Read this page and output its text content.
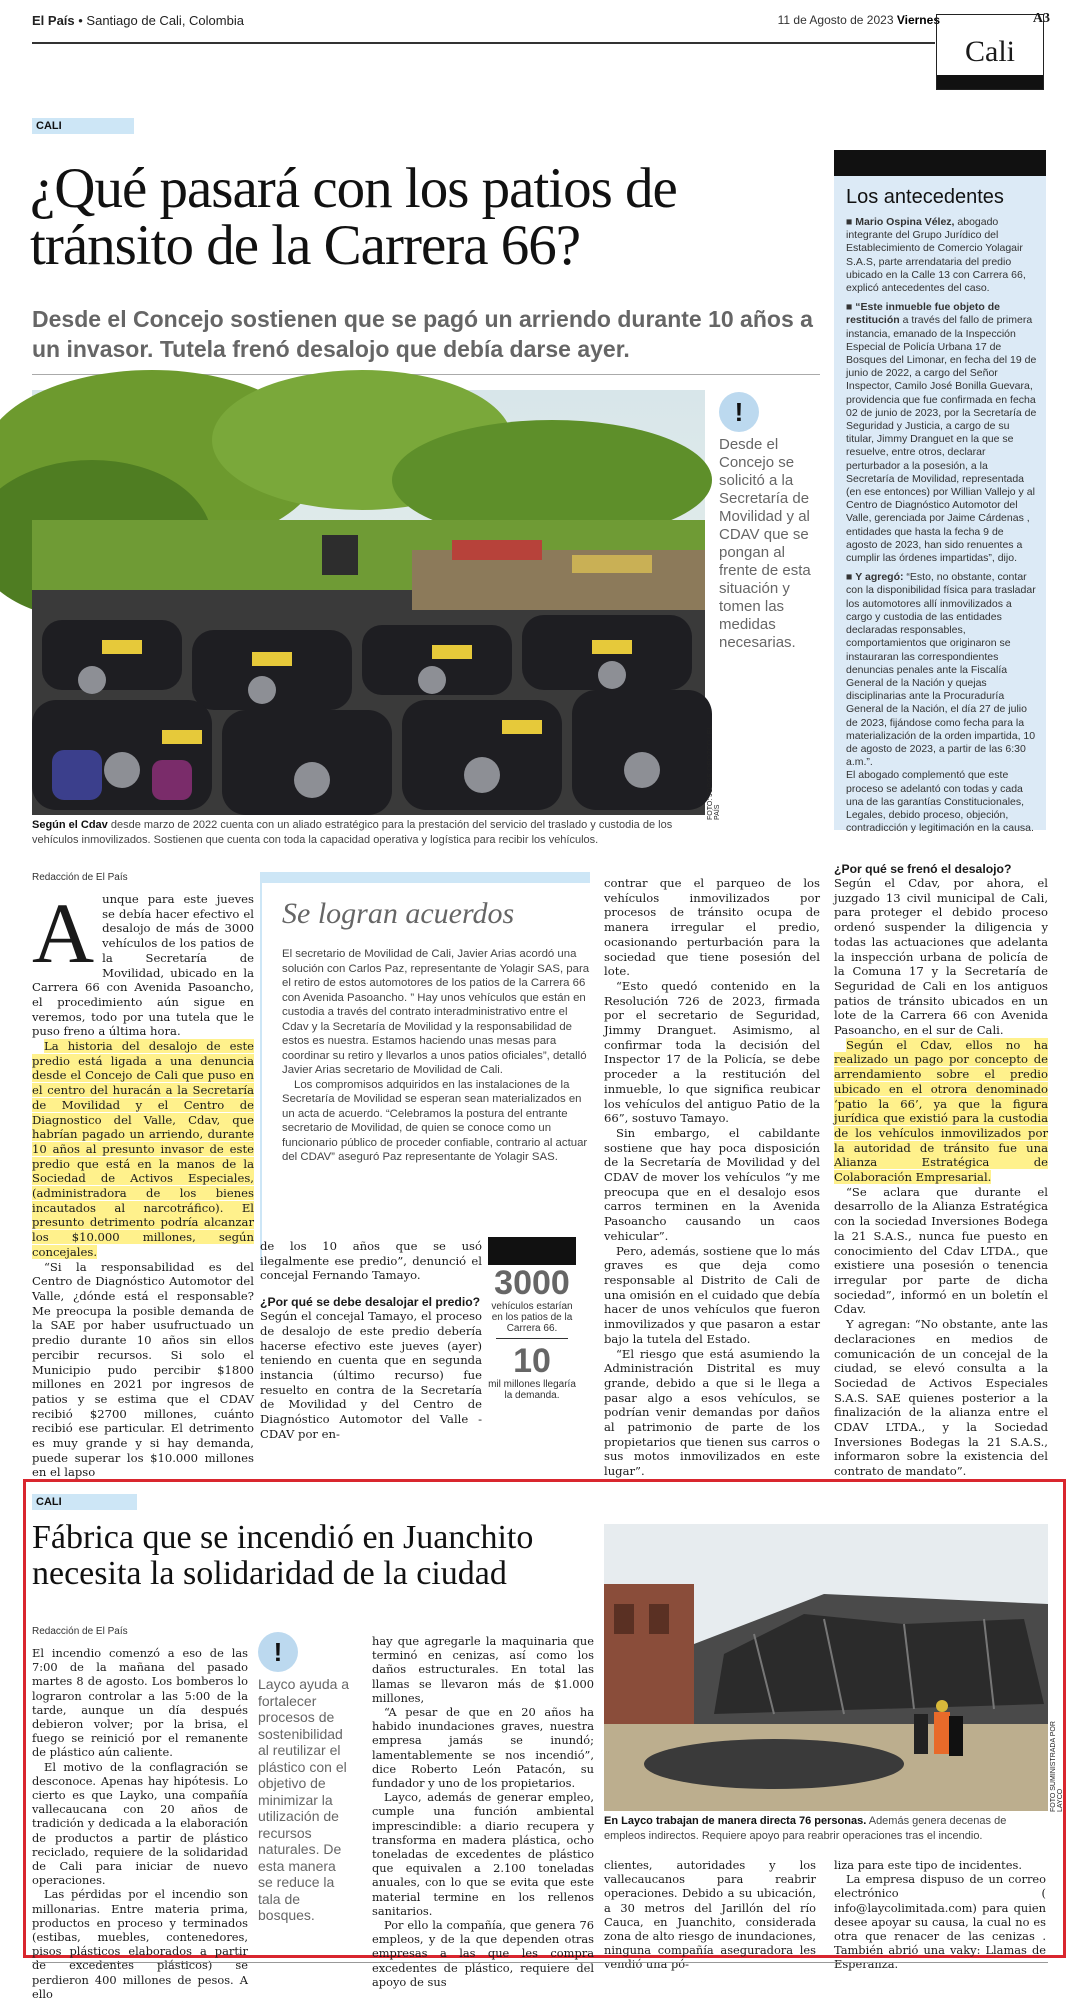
El País • Santiago de Cali, Colombia	11 de Agosto de 2023 Viernes	A3
Cali
CALI
¿Qué pasará con los patios de tránsito de la Carrera 66?
Desde el Concejo sostienen que se pagó un arriendo durante 10 años a un invasor. Tutela frenó desalojo que debía darse ayer.
FOTO: JORGE OROZCO / EL PAÍS
!
Desde el Concejo se solicitó a la Secretaría de Movilidad y al CDAV que se pongan al frente de esta situación y tomen las medidas necesarias.
Según el Cdav desde marzo de 2022 cuenta con un aliado estratégico para la prestación del servicio del traslado y custodia de los vehículos inmovilizados. Sostienen que cuenta con toda la capacidad operativa y logística para recibir los vehículos.
Los antecedentes

■ Mario Ospina Vélez, abogado integrante del Grupo Jurídico del Establecimiento de Comercio Yolagair S.A.S, parte arrendataria del predio ubicado en la Calle 13 con Carrera 66, explicó antecedentes del caso.

■ “Este inmueble fue objeto de restitución a través del fallo de primera instancia, emanado de la Inspección Especial de Policía Urbana 17 de Bosques del Limonar, en fecha del 19 de junio de 2022, a cargo del Señor Inspector, Camilo José Bonilla Guevara, providencia que fue confirmada en fecha 02 de junio de 2023, por la Secretaría de Seguridad y Justicia, a cargo de su titular, Jimmy Dranguet en la que se resuelve, entre otros, declarar perturbador a la posesión, a la Secretaría de Movilidad, representada (en ese entonces) por Willian Vallejo y al Centro de Diagnóstico Automotor del Valle, gerenciada por Jaime Cárdenas , entidades que hasta la fecha 9 de agosto de 2023, han sido renuentes a cumplir las órdenes impartidas”, dijo.

■ Y agregó: “Esto, no obstante, contar con la disponibilidad física para trasladar los automotores allí inmovilizados a cargo y custodia de las entidades declaradas responsables, comportamientos que originaron se instauraran las correspondientes denuncias penales ante la Fiscalía General de la Nación y quejas disciplinarias ante la Procuraduría General de la Nación, el día 27 de julio de 2023, fijándose como fecha para la materialización de la orden impartida, 10 de agosto de 2023, a partir de las 6:30 a.m.”.

El abogado complementó que este proceso se adelantó con todas y cada una de las garantías Constitucionales, Legales, debido proceso, objeción, contradicción y legitimación en la causa.

Redacción de El País
A unque para este jueves se debía hacer efectivo el desalojo de más de 3000 vehículos de los patios de la Secretaría de Movilidad, ubicado en la Carrera 66 con Avenida Pasoancho, el procedimiento aún sigue en veremos, todo por una tutela que le puso freno a última hora.

La historia del desalojo de este predio está ligada a una denuncia desde el Concejo de Cali que puso en el centro del huracán a la Secretaría de Movilidad y el Centro de Diagnostico del Valle, Cdav, que habrían pagado un arriendo, durante 10 años al presunto invasor de este predio que está en la manos de la Sociedad de Activos Especiales, (administradora de los bienes incautados al narcotráfico). El presunto detrimento podría alcanzar los $10.000 millones, según concejales.

“Si la responsabilidad es del Centro de Diagnóstico Automotor del Valle, ¿dónde está el responsable? Me preocupa la posible demanda de la SAE por haber usufructuado un predio durante 10 años sin ellos percibir recursos. Si solo el Municipio pudo percibir $1800 millones en 2021 por ingresos de patios y se estima que el CDAV recibió $2700 millones, cuánto recibió ese particular. El detrimento es muy grande y si hay demanda, puede superar los $10.000 millones en el lapso

Se logran acuerdos

El secretario de Movilidad de Cali, Javier Arias acordó una solución con Carlos Paz, representante de Yolagir SAS, para el retiro de estos automotores de los patios de la Carrera 66 con Avenida Pasoancho. ” Hay unos vehículos que están en custodia a través del contrato interadministrativo entre el Cdav y la Secretaría de Movilidad y la responsabilidad de estos es nuestra. Estamos haciendo unas mesas para coordinar su retiro y llevarlos a unos patios oficiales”, detalló Javier Arias secretario de Movilidad de Cali.

Los compromisos adquiridos en las instalaciones de la Secretaría de Movilidad se esperan sean materializados en un acta de acuerdo. “Celebramos la postura del entrante secretario de Movilidad, de quien se conoce como un funcionario público de proceder confiable, contrario al actuar del CDAV” aseguró Paz representante de Yolagir SAS.

de los 10 años que se usó ilegalmente ese predio”, denunció el concejal Fernando Tamayo.
¿Por qué se debe desalojar el predio?
Según el concejal Tamayo, el proceso de desalojo de este predio debería hacerse efectivo este jueves (ayer) teniendo en cuenta que en segunda instancia (último recurso) fue resuelto en contra de la Secretaría de Movilidad y del Centro de Diagnóstico Automotor del Valle - CDAV por en-
3000
vehículos estarían en los patios de la Carrera 66.
10
mil millones llegaría la demanda.
contrar que el parqueo de los vehículos inmovilizados por procesos de tránsito ocupa de manera irregular el predio, ocasionando perturbación para la sociedad que tiene posesión del lote.

“Esto quedó contenido en la Resolución 726 de 2023, firmada por el secretario de Seguridad, Jimmy Dranguet. Asimismo, al confirmar toda la decisión del Inspector 17 de la Policía, se debe proceder a la restitución del inmueble, lo que significa reubicar los vehículos del antiguo Patio de la 66”, sostuvo Tamayo.

Sin embargo, el cabildante sostiene que hay poca disposición de la Secretaría de Movilidad y del CDAV de mover los vehículos “y me preocupa que en el desalojo esos carros terminen en la Avenida Pasoancho causando un caos vehicular”.

Pero, además, sostiene que lo más graves es que deja como responsable al Distrito de Cali de una omisión en el cuidado que debía hacer de unos vehículos que fueron inmovilizados y que pasaron a estar bajo la tutela del Estado.

“El riesgo que está asumiendo la Administración Distrital es muy grande, debido a que si le llega a pasar algo a esos vehículos, se podrían venir demandas por daños al patrimonio de parte de los propietarios que tienen sus carros o sus motos inmovilizados en este lugar”.

¿Por qué se frenó el desalojo?
Según el Cdav, por ahora, el juzgado 13 civil municipal de Cali, para proteger el debido proceso ordenó suspender la diligencia y todas las actuaciones que adelanta la inspección urbana de policía de la Comuna 17 y la Secretaría de Seguridad de Cali en los antiguos patios de tránsito ubicados en un lote de la Carrera 66 con Avenida Pasoancho, en el sur de Cali.

Según el Cdav, ellos no ha realizado un pago por concepto de arrendamiento sobre el predio ubicado en el otrora denominado ‘patio la 66’, ya que la figura jurídica que existió para la custodia de los vehículos inmovilizados por la autoridad de tránsito fue una Alianza Estratégica de Colaboración Empresarial.

“Se aclara que durante el desarrollo de la Alianza Estratégica con la sociedad Inversiones Bodega la 21 S.A.S., nunca fue puesto en conocimiento del Cdav LTDA., que existiere una posesión o tenencia irregular por parte de dicha sociedad”, informó en un boletín el Cdav.

Y agregan: “No obstante, ante las declaraciones en medios de comunicación de un concejal de la ciudad, se elevó consulta a la Sociedad de Activos Especiales S.A.S. SAE quienes posterior a la finalización de la alianza entre el CDAV LTDA., y la Sociedad Inversiones Bodegas la 21 S.A.S., informaron sobre la existencia del contrato de mandato”.

CALI
Fábrica que se incendió en Juanchito necesita la solidaridad de la ciudad
FOTO SUMINISTRADA POR LAYCO
En Layco trabajan de manera directa 76 personas. Además genera decenas de empleos indirectos. Requiere apoyo para reabrir operaciones tras el incendio.
Redacción de El País
El incendio comenzó a eso de las 7:00 de la mañana del pasado martes 8 de agosto. Los bomberos lo lograron controlar a las 5:00 de la tarde, aunque un día después debieron volver; por la brisa, el fuego se reinició por el remanente de plástico aún caliente.

El motivo de la conflagración se desconoce. Apenas hay hipótesis. Lo cierto es que Layko, una compañía vallecaucana con 20 años de tradición y dedicada a la elaboración de productos a partir de plástico reciclado, requiere de la solidaridad de Cali para iniciar de nuevo operaciones.

Las pérdidas por el incendio son millonarias. Entre materia prima, productos en proceso y terminados (estibas, muebles, contenedores, pisos plásticos elaborados a partir de excedentes plásticos) se perdieron 400 millones de pesos. A ello

!
Layco ayuda a fortalecer procesos de sostenibilidad al reutilizar el plástico con el objetivo de minimizar la utilización de recursos naturales. De esta manera se reduce la tala de bosques.
hay que agregarle la maquinaria que terminó en cenizas, así como los daños estructurales. En total las llamas se llevaron más de $1.000 millones,

“A pesar de que en 20 años ha habido inundaciones graves, nuestra empresa jamás se inundó; lamentablemente se nos incendió”, dice Roberto León Patacón, su fundador y uno de los propietarios.

Layco, además de generar empleo, cumple una función ambiental imprescindible: a diario recupera y transforma en madera plástica, ocho toneladas de excedentes de plástico que equivalen a 2.100 toneladas anuales, con lo que se evita que este material termine en los rellenos sanitarios.

Por ello la compañía, que genera 76 empleos, y de la que dependen otras empresas a las que les compra excedentes de plástico, requiere del apoyo de sus

clientes, autoridades y los vallecaucanos para reabrir operaciones. Debido a su ubicación, a 30 metros del Jarillón del río Cauca, en Juanchito, considerada zona de alto riesgo de inundaciones, ninguna compañía aseguradora les vendió una pó-
liza para este tipo de incidentes.

La empresa dispuso de un correo electrónico ( info@laycolimitada.com) para quien desee apoyar su causa, la cual no es otra que renacer de las cenizas . También abrió una vaky: Llamas de Esperanza.
